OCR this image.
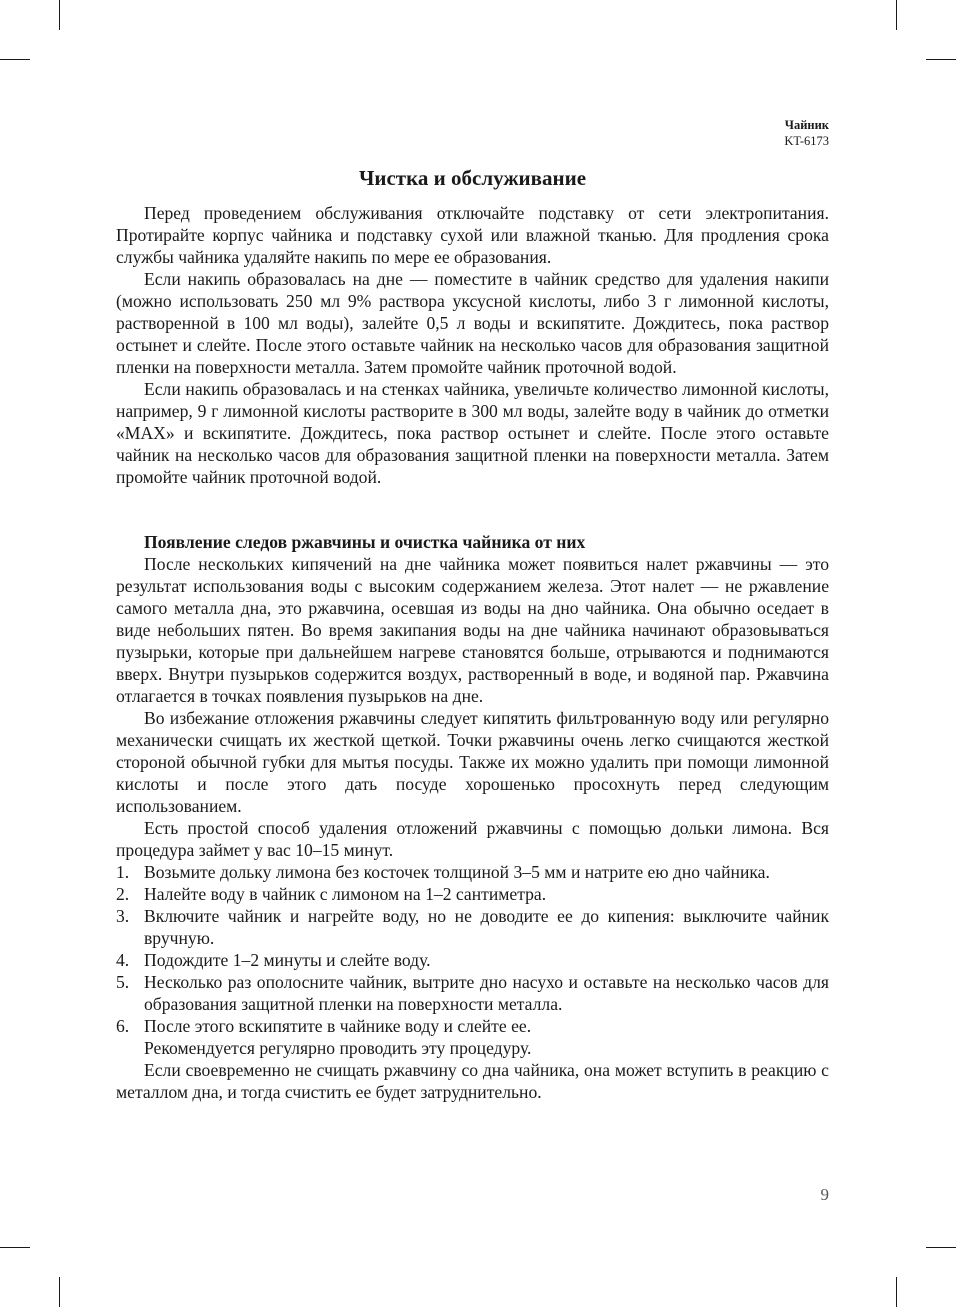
Чайник
KT-6173
Чистка и обслуживание

Перед проведением обслуживания отключайте подставку от сети электропитания. Протирайте корпус чайника и подставку сухой или влажной тканью. Для продления срока службы чайника удаляйте накипь по мере ее образования.

Если накипь образовалась на дне — поместите в чайник средство для удаления накипи (можно использовать 250 мл 9% раствора уксусной кислоты, либо 3 г лимонной кислоты, растворенной в 100 мл воды), залейте 0,5 л воды и вскипятите. Дождитесь, пока раствор остынет и слейте. После этого оставьте чайник на несколько часов для образования защитной пленки на поверхности металла. Затем промойте чайник проточной водой.

Если накипь образовалась и на стенках чайника, увеличьте количество лимонной кислоты, например, 9 г лимонной кислоты растворите в 300 мл воды, залейте воду в чайник до отметки «MAX» и вскипятите. Дождитесь, пока раствор остынет и слейте. После этого оставьте чайник на несколько часов для образования защитной пленки на поверхности металла. Затем промойте чайник проточной водой.

Появление следов ржавчины и очистка чайника от них

После нескольких кипячений на дне чайника может появиться налет ржавчины — это результат использования воды с высоким содержанием железа. Этот налет — не ржавление самого металла дна, это ржавчина, осевшая из воды на дно чайника. Она обычно оседает в виде небольших пятен. Во время закипания воды на дне чайника начинают образовываться пузырьки, которые при дальнейшем нагреве становятся больше, отрываются и поднимаются вверх. Внутри пузырьков содержится воздух, растворенный в воде, и водяной пар. Ржавчина отлагается в точках появления пузырьков на дне.

Во избежание отложения ржавчины следует кипятить фильтрованную воду или регулярно механически счищать их жесткой щеткой. Точки ржавчины очень легко счищаются жесткой стороной обычной губки для мытья посуды. Также их можно удалить при помощи лимонной кислоты и после этого дать посуде хорошенько просохнуть перед следующим использованием.

Есть простой способ удаления отложений ржавчины с помощью дольки лимона. Вся процедура займет у вас 10–15 минут.

1. Возьмите дольку лимона без косточек толщиной 3–5 мм и натрите ею дно чайника.
2. Налейте воду в чайник с лимоном на 1–2 сантиметра.
3. Включите чайник и нагрейте воду, но не доводите ее до кипения: выключите чайник вручную.
4. Подождите 1–2 минуты и слейте воду.
5. Несколько раз ополосните чайник, вытрите дно насухо и оставьте на несколько часов для образования защитной пленки на поверхности металла.
6. После этого вскипятите в чайнике воду и слейте ее.

Рекомендуется регулярно проводить эту процедуру.

Если своевременно не счищать ржавчину со дна чайника, она может вступить в реакцию с металлом дна, и тогда счистить ее будет затруднительно.

9
